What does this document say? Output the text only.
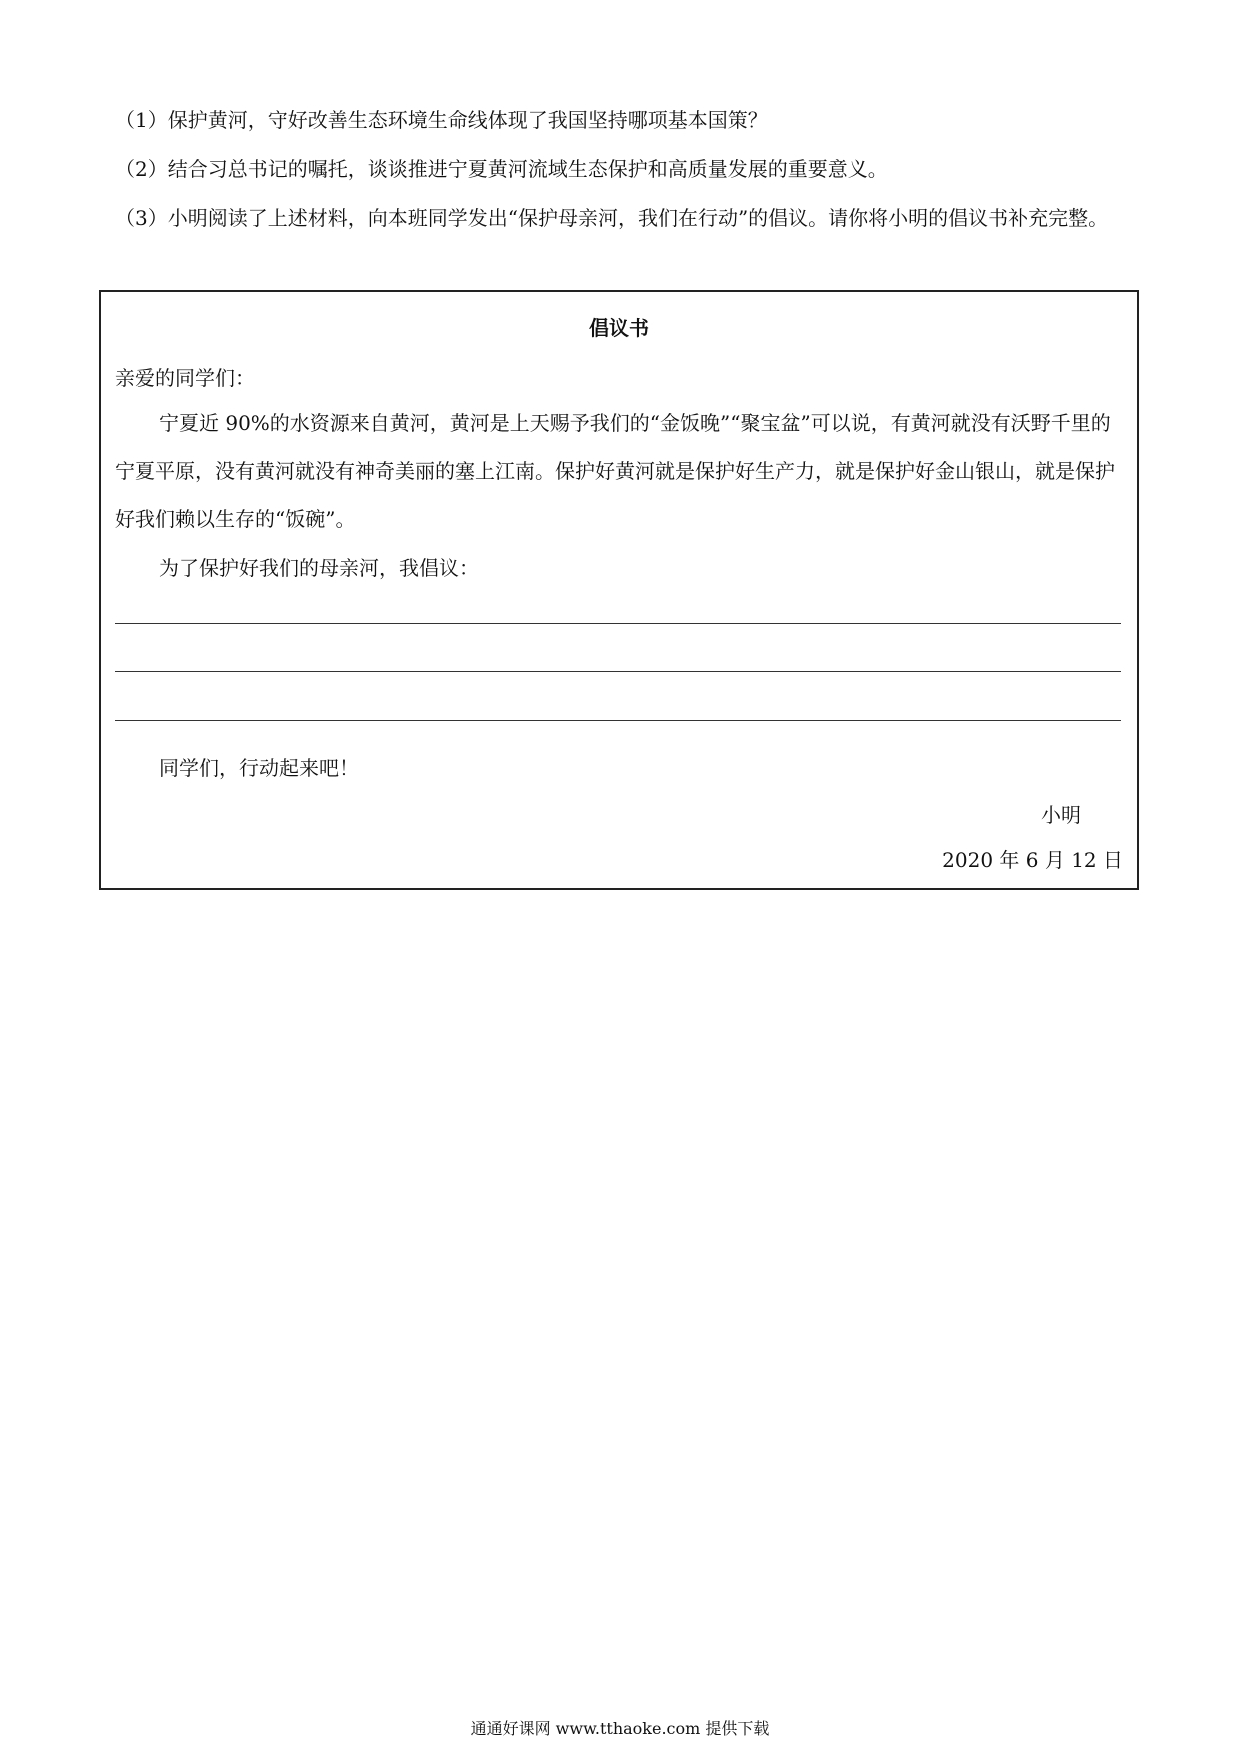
（1）保护黄河，守好改善生态环境生命线体现了我国坚持哪项基本国策？
（2）结合习总书记的嘱托，谈谈推进宁夏黄河流域生态保护和高质量发展的重要意义。
（3）小明阅读了上述材料，向本班同学发出“保护母亲河，我们在行动”的倡议。请你将小明的倡议书补充完整。
倡议书
亲爱的同学们：
宁夏近 90%的水资源来自黄河，黄河是上天赐予我们的“金饭晚”“聚宝盆”可以说，有黄河就没有沃野千里的宁夏平原，没有黄河就没有神奇美丽的塞上江南。保护好黄河就是保护好生产力，就是保护好金山银山，就是保护好我们赖以生存的“饭碗”。
为了保护好我们的母亲河，我倡议：
同学们，行动起来吧！
小明
2020 年 6 月 12 日
通通好课网 www.tthaoke.com 提供下载
